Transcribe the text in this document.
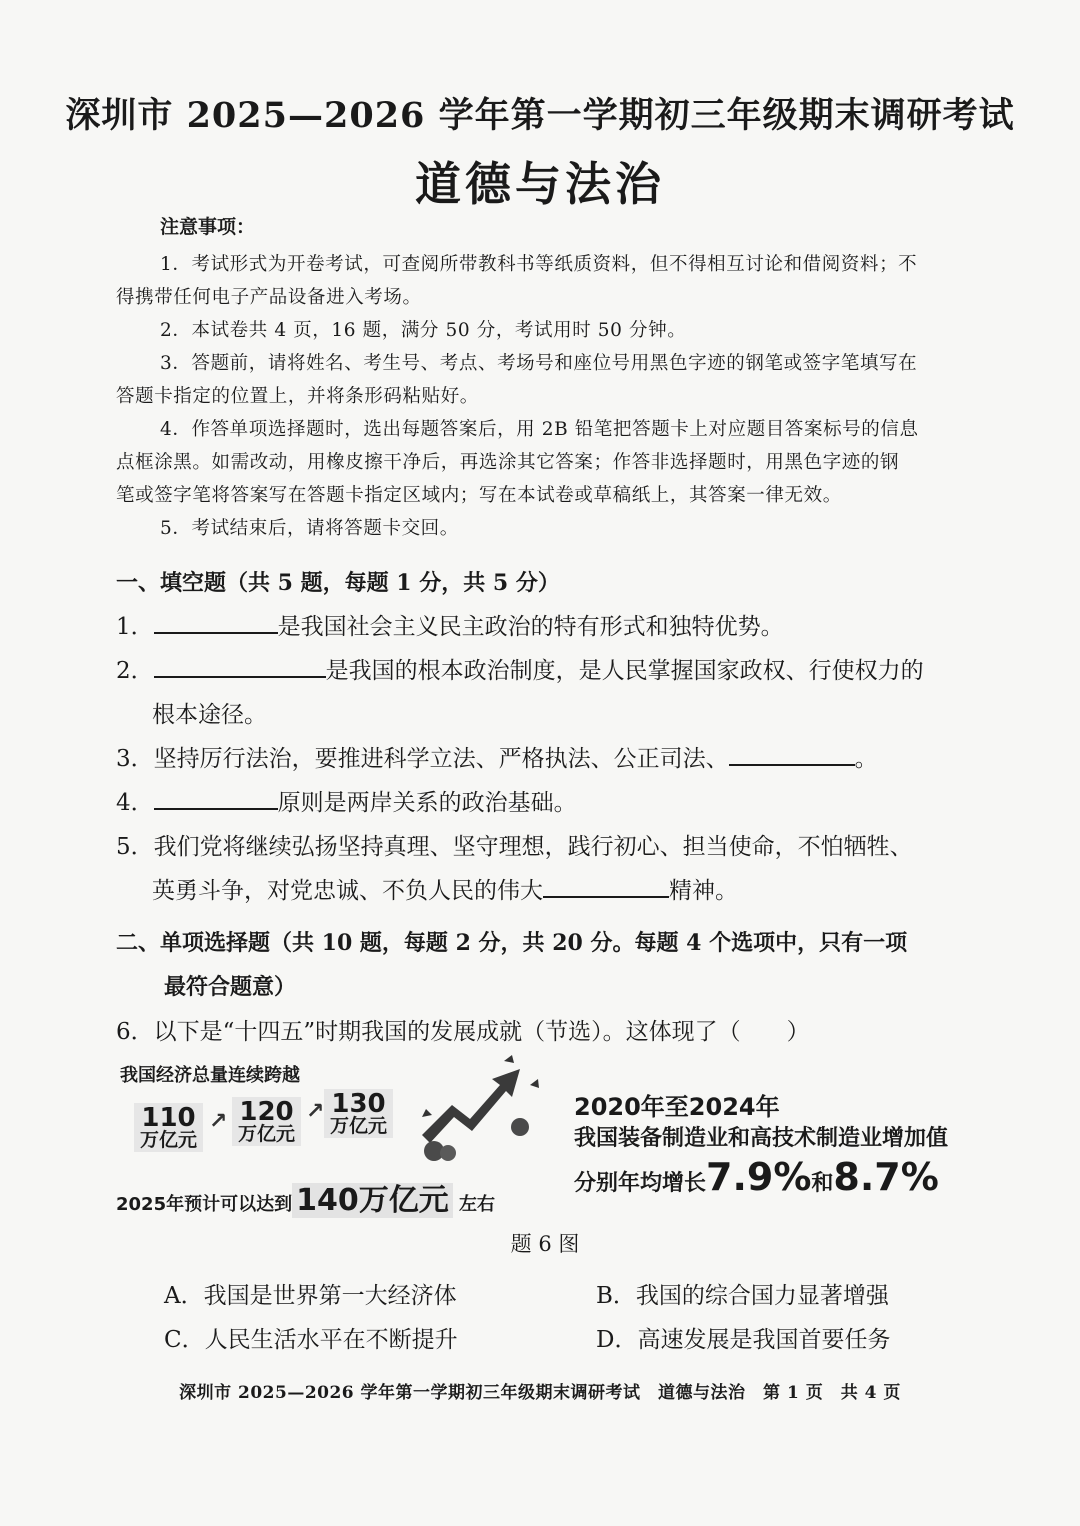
深圳市 2025—2026 学年第一学期初三年级期末调研考试
道德与法治
注意事项：
1．考试形式为开卷考试，可查阅所带教科书等纸质资料，但不得相互讨论和借阅资料；不
得携带任何电子产品设备进入考场。
2．本试卷共 4 页，16 题，满分 50 分，考试用时 50 分钟。
3．答题前，请将姓名、考生号、考点、考场号和座位号用黑色字迹的钢笔或签字笔填写在
答题卡指定的位置上，并将条形码粘贴好。
4．作答单项选择题时，选出每题答案后，用 2B 铅笔把答题卡上对应题目答案标号的信息
点框涂黑。如需改动，用橡皮擦干净后，再选涂其它答案；作答非选择题时，用黑色字迹的钢
笔或签字笔将答案写在答题卡指定区域内；写在本试卷或草稿纸上，其答案一律无效。
5．考试结束后，请将答题卡交回。
一、填空题（共 5 题，每题 1 分，共 5 分）
1．	是我国社会主义民主政治的特有形式和独特优势。
2．	是我国的根本政治制度，是人民掌握国家政权、行使权力的
根本途径。
3．坚持厉行法治，要推进科学立法、严格执法、公正司法、	。
4．	原则是两岸关系的政治基础。
5．我们党将继续弘扬坚持真理、坚守理想，践行初心、担当使命，不怕牺牲、
英勇斗争，对党忠诚、不负人民的伟大	精神。
二、单项选择题（共 10 题，每题 2 分，共 20 分。每题 4 个选项中，只有一项
最符合题意）
6．以下是“十四五”时期我国的发展成就（节选）。这体现了（　　）
我国经济总量连续跨越
110
万亿元
↗ 120
万亿元
↗ 130
万亿元
2025年预计可以达到 140万亿元 左右
2020年至2024年
我国装备制造业和高技术制造业增加值
分别年均增长7.9%和8.7%
题 6 图
A．我国是世界第一大经济体	B．我国的综合国力显著增强
C．人民生活水平在不断提升	D．高速发展是我国首要任务
深圳市 2025—2026 学年第一学期初三年级期末调研考试　道德与法治　第 1 页　共 4 页
